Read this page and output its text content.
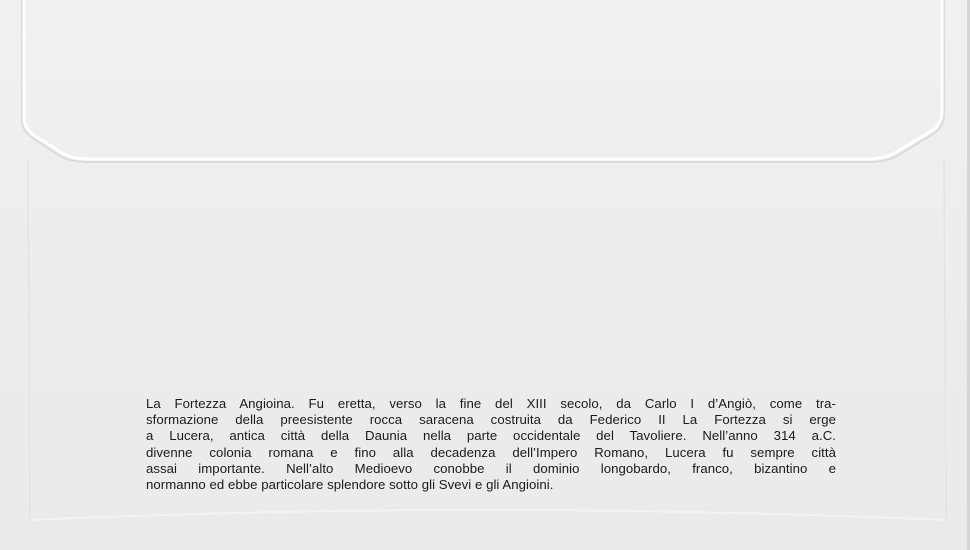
La Fortezza Angioina. Fu eretta, verso la fine del XIII secolo, da Carlo I d’Angiò, come tra-
sformazione della preesistente rocca saracena costruita da Federico II La Fortezza si erge
a Lucera, antica città della Daunia nella parte occidentale del Tavoliere. Nell’anno 314 a.C.
divenne colonia romana e fino alla decadenza dell’Impero Romano, Lucera fu sempre città
assai importante. Nell’alto Medioevo conobbe il dominio longobardo, franco, bizantino e
normanno ed ebbe particolare splendore sotto gli Svevi e gli Angioini.
